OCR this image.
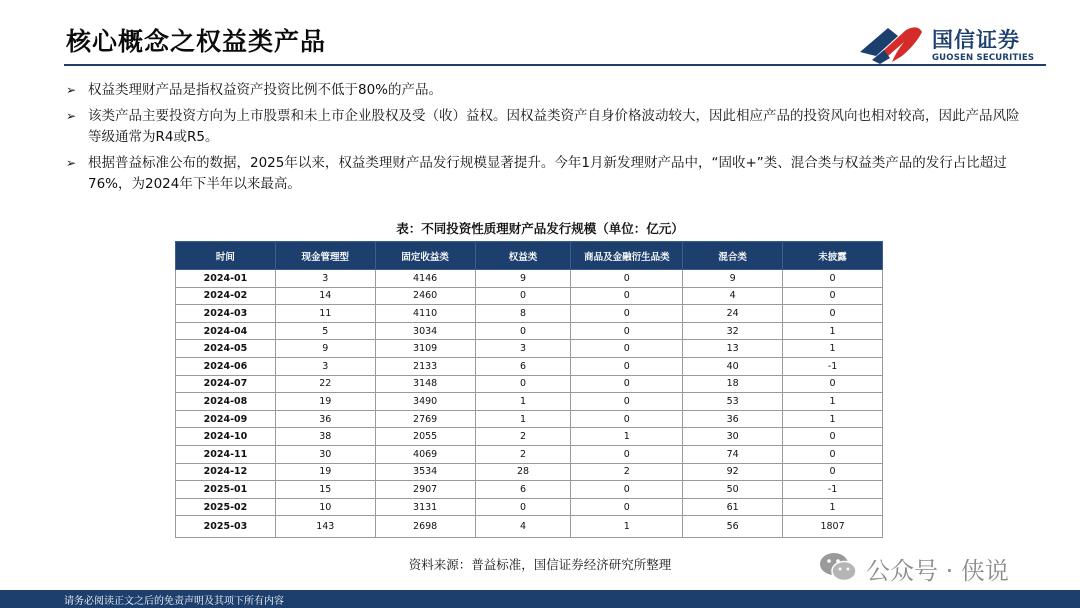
核心概念之权益类产品	国信证券
GUOSEN SECURITIES
➢ 权益类理财产品是指权益资产投资比例不低于80%的产品。
➢ 该类产品主要投资方向为上市股票和未上市企业股权及受（收）益权。因权益类资产自身价格波动较大，因此相应产品的投资风向也相对较高，因此产品风险等级通常为R4或R5。
➢ 根据普益标准公布的数据，2025年以来，权益类理财产品发行规模显著提升。今年1月新发理财产品中，“固收+”类、混合类与权益类产品的发行占比超过76%，为2024年下半年以来最高。
表：不同投资性质理财产品发行规模（单位：亿元）
时间	现金管理型	固定收益类	权益类	商品及金融衍生品类	混合类	未披露
2024-01	3	4146	9	0	9	0
2024-02	14	2460	0	0	4	0
2024-03	11	4110	8	0	24	0
2024-04	5	3034	0	0	32	1
2024-05	9	3109	3	0	13	1
2024-06	3	2133	6	0	40	-1
2024-07	22	3148	0	0	18	0
2024-08	19	3490	1	0	53	1
2024-09	36	2769	1	0	36	1
2024-10	38	2055	2	1	30	0
2024-11	30	4069	2	0	74	0
2024-12	19	3534	28	2	92	0
2025-01	15	2907	6	0	50	-1
2025-02	10	3131	0	0	61	1
2025-03	143	2698	4	1	56	1807
资料来源：普益标准，国信证券经济研究所整理	公众号 · 侠说
请务必阅读正文之后的免责声明及其项下所有内容
